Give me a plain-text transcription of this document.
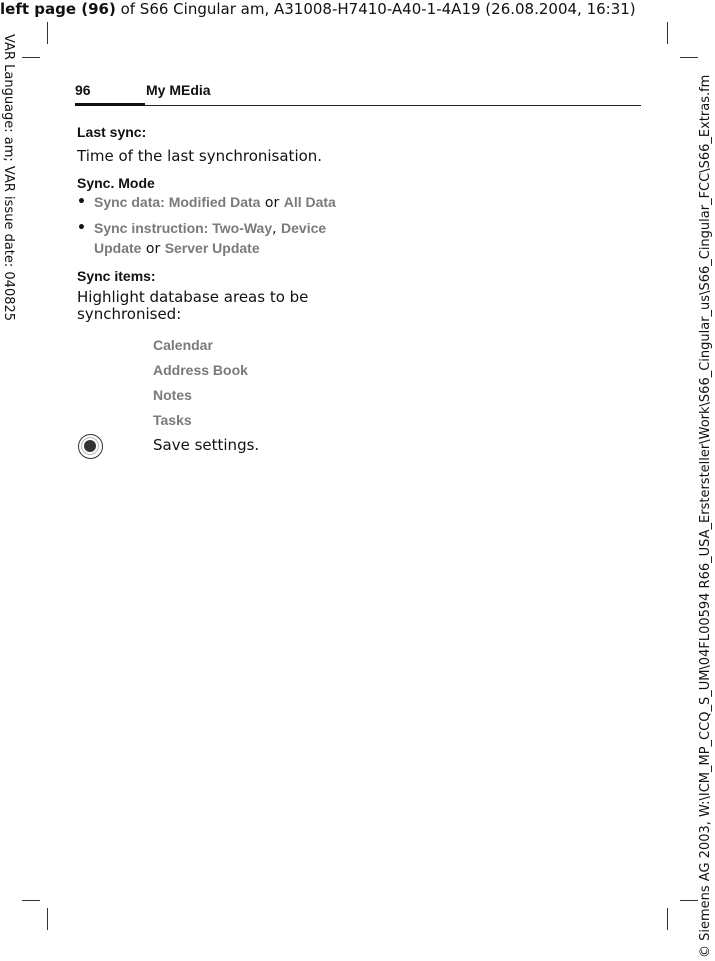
left page (96) of S66 Cingular am, A31008-H7410-A40-1-4A19 (26.08.2004, 16:31)
VAR Language: am; VAR issue date: 040825	© Siemens AG 2003, W:\ICM_MP_CCQ_S_UM\04FL00594 R66_USA_Erstersteller\Work\S66_Cingular_us\S66_Cingular_FCC\S66_Extras.fm
96	My MEdia
Last sync:
Time of the last synchronisation.
Sync. Mode
• Sync data: Modified Data or All Data
• Sync instruction: Two-Way, Device
Update or Server Update
Sync items:
Highlight database areas to be
synchronised:
Calendar
Address Book
Notes
Tasks
Save settings.
